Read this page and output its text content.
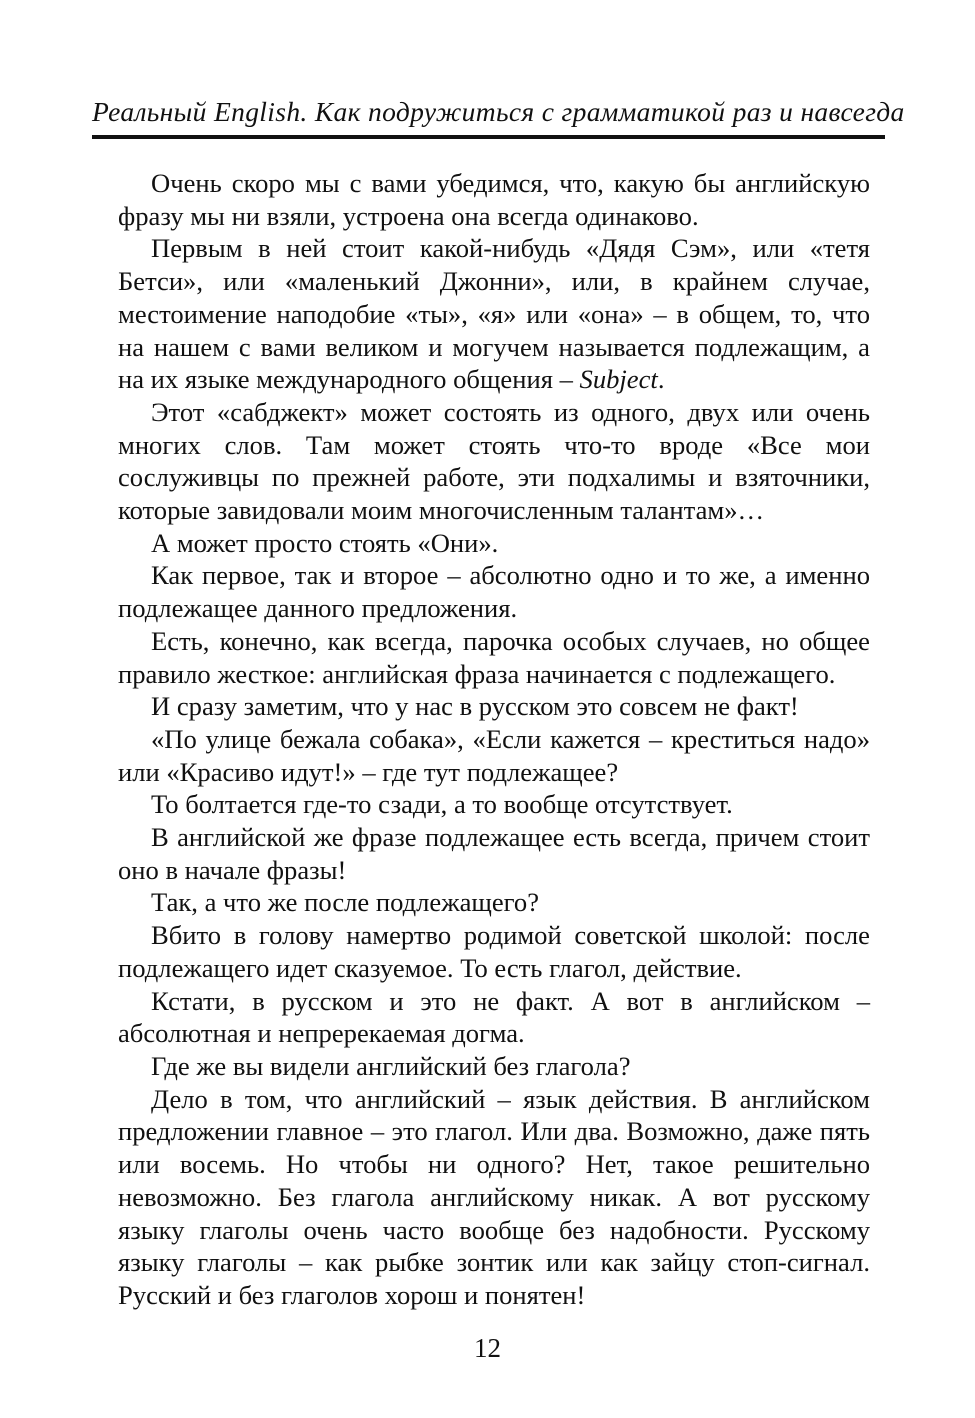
Реальный English. Как подружиться с грамматикой раз и навсегда

Очень скоро мы с вами убедимся, что, какую бы английскую фразу мы ни взяли, устроена она всегда одинаково.

Первым в ней стоит какой-нибудь «Дядя Сэм», или «тетя Бетси», или «маленький Джонни», или, в крайнем случае, местоимение наподобие «ты», «я» или «она» – в общем, то, что на нашем с вами великом и могучем называется подлежащим, а на их языке международного общения – Subject.

Этот «сабджект» может состоять из одного, двух или очень многих слов. Там может стоять что-то вроде «Все мои сослуживцы по прежней работе, эти подхалимы и взяточники, которые завидовали моим многочисленным талантам»…

А может просто стоять «Они».

Как первое, так и второе – абсолютно одно и то же, а именно подлежащее данного предложения.

Есть, конечно, как всегда, парочка особых случаев, но общее правило жесткое: английская фраза начинается с подлежащего.

И сразу заметим, что у нас в русском это совсем не факт!

«По улице бежала собака», «Если кажется – креститься надо» или «Красиво идут!» – где тут подлежащее?

То болтается где-то сзади, а то вообще отсутствует.

В английской же фразе подлежащее есть всегда, причем стоит оно в начале фразы!

Так, а что же после подлежащего?

Вбито в голову намертво родимой советской школой: после подлежащего идет сказуемое. То есть глагол, действие.

Кстати, в русском и это не факт. А вот в английском – абсолютная и непререкаемая догма.

Где же вы видели английский без глагола?

Дело в том, что английский – язык действия. В английском предложении главное – это глагол. Или два. Возможно, даже пять или восемь. Но чтобы ни одного? Нет, такое решительно невозможно. Без глагола английскому никак. А вот русскому языку глаголы очень часто вообще без надобности. Русскому языку глаголы – как рыбке зонтик или как зайцу стоп-сигнал. Русский и без глаголов хорош и понятен!

12
